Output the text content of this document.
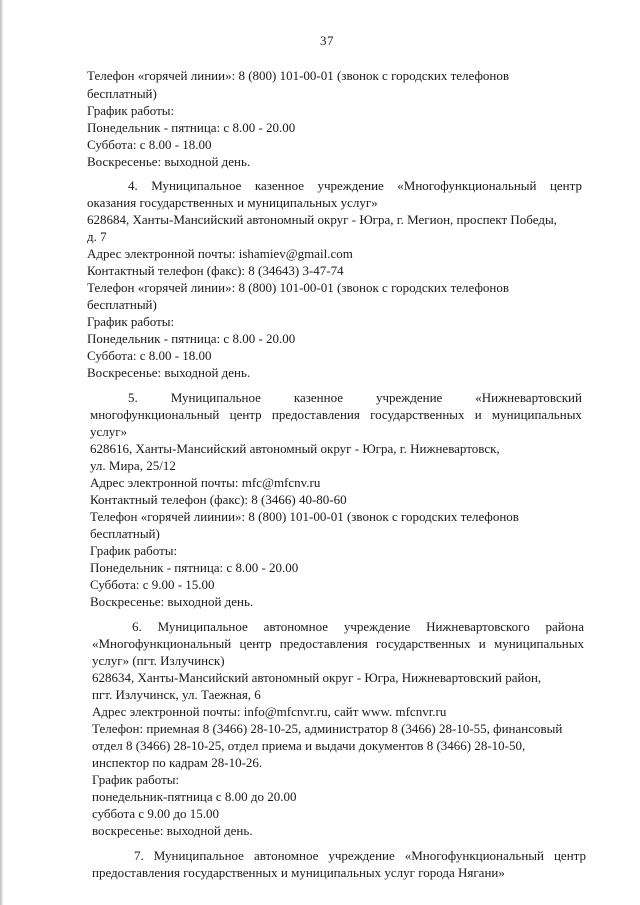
37
Телефон «горячей линии»: 8 (800) 101-00-01 (звонок с городских телефонов
бесплатный)
График работы:
Понедельник - пятница: с 8.00 - 20.00
Суббота: с 8.00 - 18.00
Воскресенье: выходной день.
4. Муниципальное казенное учреждение «Многофункциональный центр
оказания государственных и муниципальных услуг»
628684, Ханты-Мансийский автономный округ - Югра, г. Мегион, проспект Победы,
д. 7
Адрес электронной почты: ishamiev@gmail.com
Контактный телефон (факс): 8 (34643) 3-47-74
Телефон «горячей линии»: 8 (800) 101-00-01 (звонок с городских телефонов
бесплатный)
График работы:
Понедельник - пятница: с 8.00 - 20.00
Суббота: с 8.00 - 18.00
Воскресенье: выходной день.
5.	Муниципальное	казенное	учреждение	«Нижневартовский
многофункциональный центр предоставления государственных и муниципальных
услуг»
628616, Ханты-Мансийский автономный округ - Югра, г. Нижневартовск,
ул. Мира, 25/12
Адрес электронной почты: mfc@mfcnv.ru
Контактный телефон (факс): 8 (3466) 40-80-60
Телефон «горячей лиинии»: 8 (800) 101-00-01 (звонок с городских телефонов
бесплатный)
График работы:
Понедельник - пятница: с 8.00 - 20.00
Суббота: с 9.00 - 15.00
Воскресенье: выходной день.
6. Муниципальное автономное учреждение Нижневартовского района
«Многофункциональный центр предоставления государственных и муниципальных
услуг» (пгт. Излучинск)
628634, Ханты-Мансийский автономный округ - Югра, Нижневартовский район,
пгт. Излучинск, ул. Таежная, 6
Адрес электронной почты: info@mfcnvr.ru, сайт www. mfcnvr.ru
Телефон: приемная 8 (3466) 28-10-25, администратор 8 (3466) 28-10-55, финансовый
отдел 8 (3466) 28-10-25, отдел приема и выдачи документов 8 (3466) 28-10-50,
инспектор по кадрам 28-10-26.
График работы:
понедельник-пятница с 8.00 до 20.00
суббота с 9.00 до 15.00
воскресенье: выходной день.
7. Муниципальное автономное учреждение «Многофункциональный центр
предоставления государственных и муниципальных услуг города Нягани»
